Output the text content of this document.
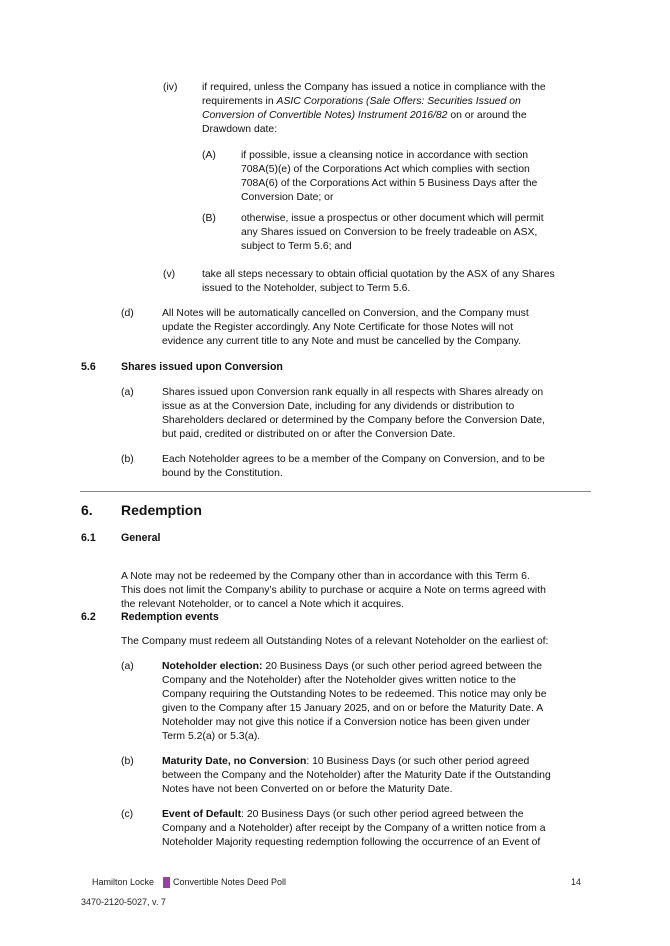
(iv) if required, unless the Company has issued a notice in compliance with the
requirements in ASIC Corporations (Sale Offers: Securities Issued on
Conversion of Convertible Notes) Instrument 2016/82 on or around the
Drawdown date:
(A) if possible, issue a cleansing notice in accordance with section
708A(5)(e) of the Corporations Act which complies with section
708A(6) of the Corporations Act within 5 Business Days after the
Conversion Date; or
(B) otherwise, issue a prospectus or other document which will permit
any Shares issued on Conversion to be freely tradeable on ASX,
subject to Term 5.6; and
(v)	take all steps necessary to obtain official quotation by the ASX of any Shares
issued to the Noteholder, subject to Term 5.6.
(d)	All Notes will be automatically cancelled on Conversion, and the Company must
update the Register accordingly. Any Note Certificate for those Notes will not
evidence any current title to any Note and must be cancelled by the Company.
5.6 Shares issued upon Conversion
(a)	Shares issued upon Conversion rank equally in all respects with Shares already on
issue as at the Conversion Date, including for any dividends or distribution to
Shareholders declared or determined by the Company before the Conversion Date,
but paid, credited or distributed on or after the Conversion Date.
(b)	Each Noteholder agrees to be a member of the Company on Conversion, and to be
bound by the Constitution.
6. Redemption
6.1 General
A Note may not be redeemed by the Company other than in accordance with this Term 6.
This does not limit the Company’s ability to purchase or acquire a Note on terms agreed with
the relevant Noteholder, or to cancel a Note which it acquires.
6.2 Redemption events
The Company must redeem all Outstanding Notes of a relevant Noteholder on the earliest of:
(a)	Noteholder election: 20 Business Days (or such other period agreed between the
Company and the Noteholder) after the Noteholder gives written notice to the
Company requiring the Outstanding Notes to be redeemed. This notice may only be
given to the Company after 15 January 2025, and on or before the Maturity Date. A
Noteholder may not give this notice if a Conversion notice has been given under
Term 5.2(a) or 5.3(a).
(b)	Maturity Date, no Conversion: 10 Business Days (or such other period agreed
between the Company and the Noteholder) after the Maturity Date if the Outstanding
Notes have not been Converted on or before the Maturity Date.
(c)	Event of Default: 20 Business Days (or such other period agreed between the
Company and a Noteholder) after receipt by the Company of a written notice from a
Noteholder Majority requesting redemption following the occurrence of an Event of
Hamilton Locke Convertible Notes Deed Poll	14
3470-2120-5027, v. 7
